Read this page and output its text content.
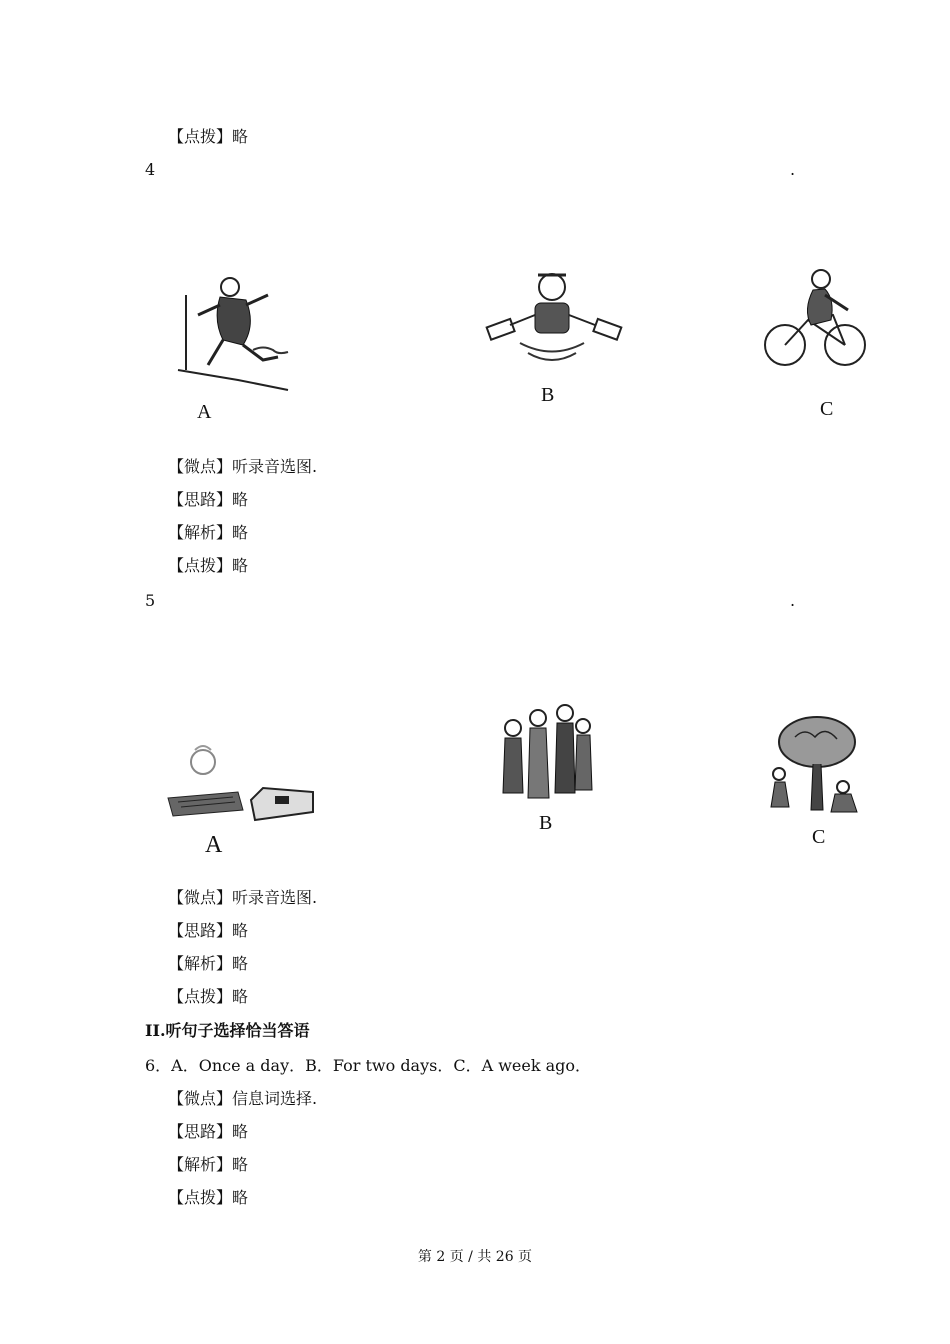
【点拨】略
4	.
A
B
C
【微点】听录音选图.
【思路】略
【解析】略
【点拨】略
5	.
A
B
C
【微点】听录音选图.
【思路】略
【解析】略
【点拨】略
II.听句子选择恰当答语
6．A．Once a day．B．For two days．C．A week ago．
【微点】信息词选择.
【思路】略
【解析】略
【点拨】略
第 2 页 / 共 26 页
